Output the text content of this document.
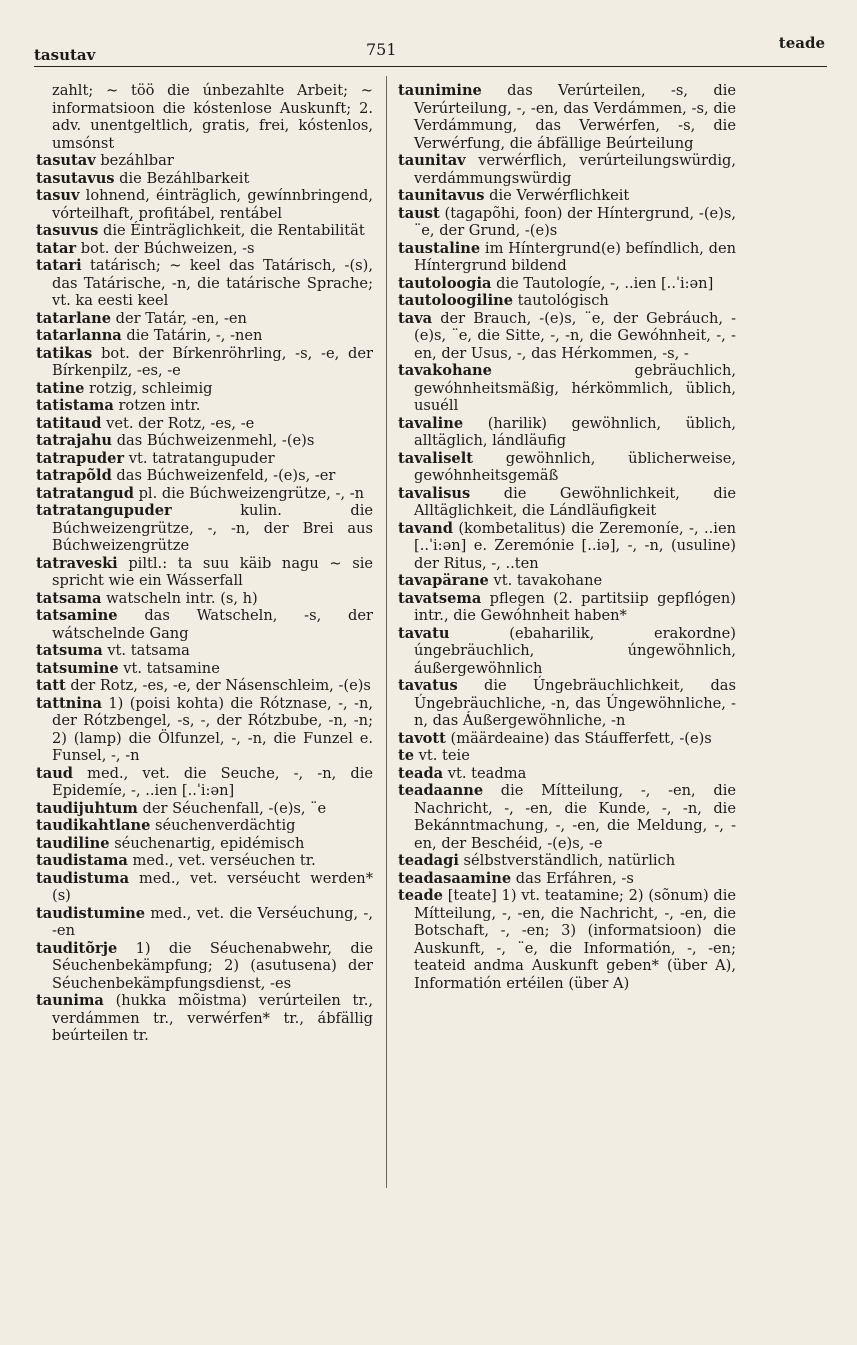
tasutav	751	teade

zahlt; ~ töö die únbezahlte Arbeit; ~ informatsioon die kóstenlose Auskunft; 2. adv. unentgeltlich, gratis, frei, kóstenlos, umsónst

tasutav bezáhlbar

tasutavus die Bezáhlbarkeit

tasuv lohnend, éinträglich, gewínnbringend, vórteilhaft, profitábel, rentábel

tasuvus die Éinträglichkeit, die Rentabilität

tatar bot. der Búchweizen, -s

tatari tatárisch; ~ keel das Tatárisch, -(s), das Tatárische, -n, die tatárische Sprache; vt. ka eesti keel

tatarlane der Tatár, -en, -en

tatarlanna die Tatárin, -, -nen

tatikas bot. der Bírkenröhrling, -s, -e, der Bírkenpilz, -es, -e

tatine rotzig, schleimig

tatistama rotzen intr.

tatitaud vet. der Rotz, -es, -e

tatrajahu das Búchweizenmehl, -(e)s

tatrapuder vt. tatratangupuder

tatrapõld das Búchweizenfeld, -(e)s, -er

tatratangud pl. die Búchweizengrütze, -, -n

tatratangupuder	kulin. die Búchweizengrütze, -, -n, der Brei aus Búchweizengrütze

tatraveski piltl.: ta suu käib nagu ~ sie spricht wie ein Wásserfall

tatsama watscheln intr. (s, h)

tatsamine das Watscheln, -s, der wátschelnde Gang

tatsuma vt. tatsama

tatsumine vt. tatsamine

tatt der Rotz, -es, -e, der Násenschleim, -(e)s

tattnina 1) (poisi kohta) die Rótznase, -, -n, der Rótzbengel, -s, -, der Rótzbube, -n, -n; 2) (lamp) die Ölfunzel, -, -n, die Funzel e. Funsel, -, -n

taud med., vet. die Seuche, -, -n, die Epidemíe, -, ..ien [..ˈi:ən]

taudijuhtum der Séuchenfall, -(e)s, ¨e

taudikahtlane séuchenverdächtig

taudiline séuchenartig, epidémisch

taudistama med., vet. verséuchen tr.

taudistuma med., vet. verséucht werden* (s)

taudistumine med., vet. die Verséuchung, -, -en

tauditõrje 1) die Séuchenabwehr, die Séuchenbekämpfung; 2) (asutusena) der Séuchenbekämpfungsdienst, -es

taunima (hukka mõistma) verúrteilen tr., verdámmen tr., verwérfen* tr., ábfällig beúrteilen tr.

taunimine das Verúrteilen, -s, die Verúrteilung, -, -en, das Verdámmen, -s, die Verdámmung, das Verwérfen, -s, die Verwérfung, die ábfällige Beúrteilung

taunitav verwérflich, verúrteilungswürdig, verdámmungswürdig

taunitavus die Verwérflichkeit

taust (tagapõhi, foon) der Híntergrund, -(e)s, ¨e, der Grund, -(e)s

taustaline im Híntergrund(e) befíndlich, den Híntergrund bildend

tautoloogia die Tautologíe, -, ..ien [..ˈi:ən]

tautoloogiline tautológisch

tava der Brauch, -(e)s, ¨e, der Gebráuch, -(e)s, ¨e, die Sitte, -, -n, die Gewóhnheit, -, -en, der Usus, -, das Hérkommen, -s, -

tavakohane	gebräuchlich, gewóhnheitsmäßig, hérkömmlich, üblich, usuéll

tavaline (harilik) gewöhnlich, üblich, alltäglich, lándläufig

tavaliselt gewöhnlich, üblicherweise, gewóhnheitsgemäß

tavalisus die Gewöhnlichkeit, die Alltäglichkeit, die Lándläufigkeit

tavand (kombetalitus) die Zeremoníe, -, ..ien [..ˈi:ən] e. Zeremónie [..iə], -, -n, (usuline) der Ritus, -, ..ten

tavapärane vt. tavakohane

tavatsema pflegen (2. partitsiip gepflógen) intr., die Gewóhnheit haben*

tavatu	(ebaharilik, erakordne) úngebräuchlich, úngewöhnlich, áußergewöhnlich

tavatus die Úngebräuchlichkeit, das Úngebräuchliche, -n, das Úngewöhnliche, -n, das Áußergewöhnliche, -n

tavott (määrdeaine) das Stáufferfett, -(e)s

te vt. teie

teada vt. teadma

teadaanne die Mítteilung, -, -en, die Nachricht, -, -en, die Kunde, -, -n, die Bekánntmachung, -, -en, die Meldung, -, -en, der Beschéid, -(e)s, -e

teadagi sélbstverständlich, natürlich

teadasaamine das Erfáhren, -s

teade [teate] 1) vt. teatamine; 2) (sõnum) die Mítteilung, -, -en, die Nachricht, -, -en, die Botschaft, -, -en; 3) (informatsioon) die Auskunft, -, ¨e, die Informatión, -, -en; teateid andma Auskunft geben* (über A), Informatión ertéilen (über A)
